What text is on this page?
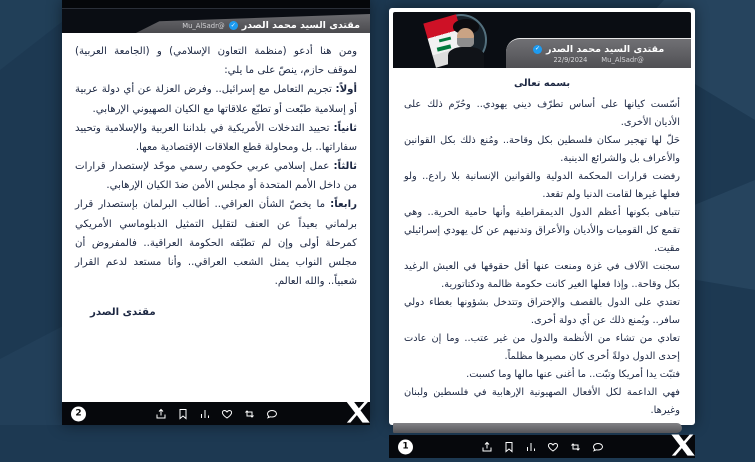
مقتدى السيد محمد الصدر
✓
@Mu_AlSadr

ومن هنا أدعو (منظمة التعاون الإسلامي) و (الجامعة العربية) لموقف حازم، ينصّ على ما يلي:

أولاً: تجريم التعامل مع إسرائيل.. وفرض العزلة عن أي دولة عربية أو إسلامية طبّعت أو تطبّع علاقاتها مع الكيان الصهيوني الإرهابي.

ثانياً: تحييد التدخلات الأمريكية في بلداننا العربية والإسلامية وتحييد سفاراتها.. بل ومحاولة قطع العلاقات الإقتصادية معها.

ثالثاً: عمل إسلامي عربي حكومي رسمي موحّد لإستصدار قرارات من داخل الأمم المتحدة أو مجلس الأمن ضدَ الكيان الإرهابي.

رابعاً: ما يخصّ الشأن العراقي.. أطالب البرلمان بإستصدار قرار برلماني بعيداً عن العنف لتقليل التمثيل الدبلوماسي الأمريكي كمرحلة أولى وإن لم تطبّقه الحكومة العراقية.. فالمفروض أن مجلس النواب يمثل الشعب العراقي.. وأنا مستعد لدعم القرار شعبياً.. والله العالم.

مقتدى الصدر
2
مقتدى السيد محمد الصدر
✓
@Mu_AlSadr
22/9/2024
بسمه تعالى

أسّست كيانها على أساس تطرّف ديني يهودي.. وحُرّم ذلك على الأديان الأخرى.

حَلّ لها تهجير سكان فلسطين بكل وقاحة.. ومُنع ذلك بكل القوانين والأعراف بل والشرائع الدينية.

رفضت قرارات المحكمة الدولية والقوانين الإنسانية بلا رادع.. ولو فعلها غيرها لقامت الدنيا ولم تقعد.

تتباهى بكونها أعظم الدول الديمقراطية وأنها حامية الحرية.. وهي تقمع كل القوميات والأديان والأعراق وتدنيهم عن كل يهودي إسرائيلي مقيت.

سجنت الآلاف في غزة ومنعت عنها أقل حقوقها في العيش الرغيد بكل وقاحة.. وإذا فعلها الغير كانت حكومة ظالمة ودكتاتورية.

تعتدي على الدول بالقصف والإختراق وتتدخل بشؤونها بغطاء دولي سافر.. ويُمنع ذلك عن أي دولة أخرى.

تعادي من تشاء من الأنظمة والدول من غير عتب.. وما إن عادت إحدى الدول دولةً أخرى كان مصيرها مظلماً.

فتبّت يدا أمريكا وتبّت.. ما أغنى عنها مالها وما كسبت.

فهي الداعمة لكل الأفعال الصهيونية الإرهابية في فلسطين ولبنان وغيرها.

1
